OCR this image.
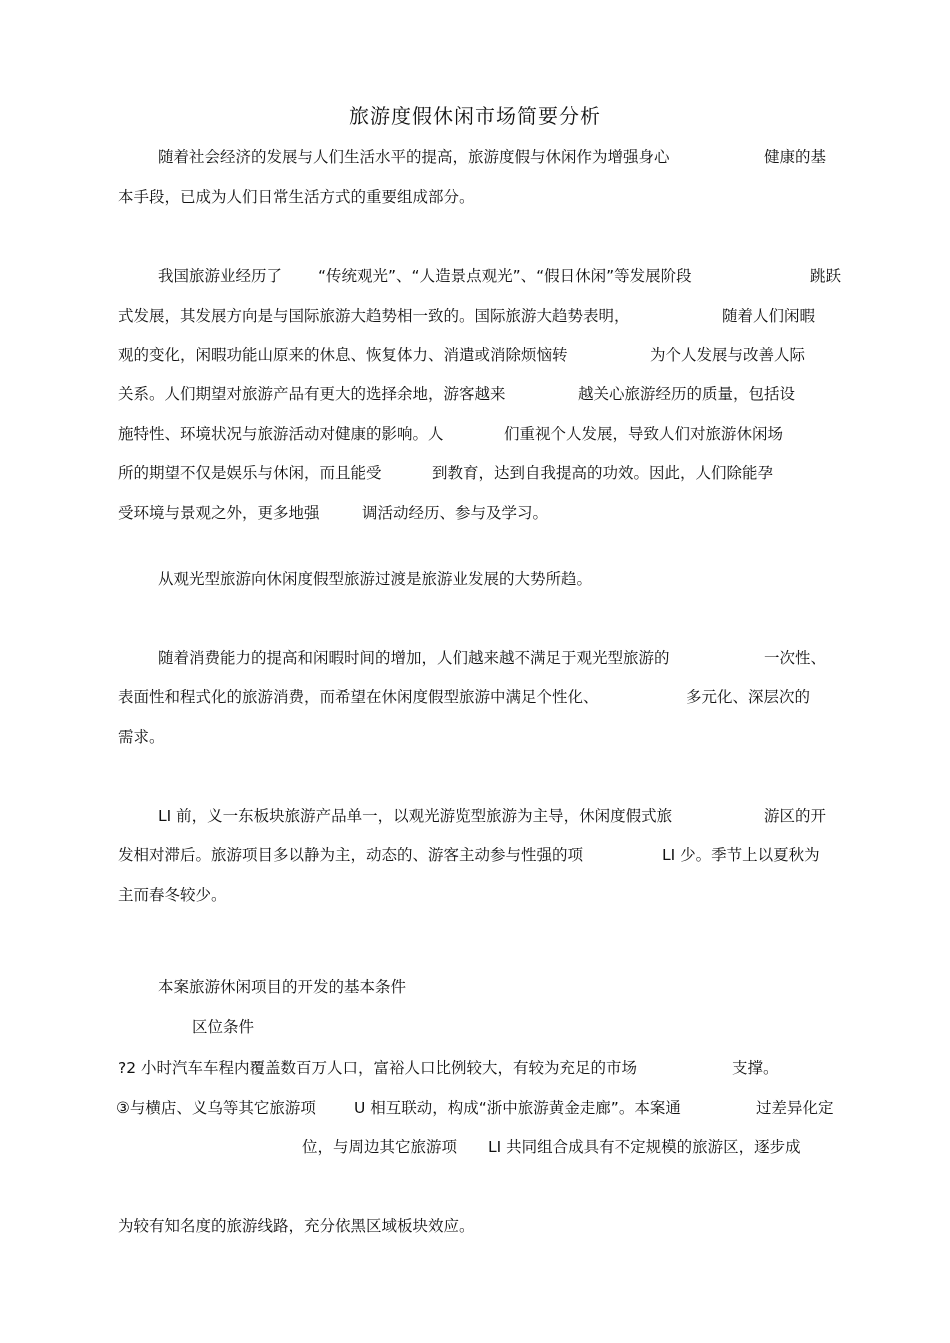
旅游度假休闲市场简要分析
随着社会经济的发展与人们生活水平的提高，旅游度假与休闲作为增强身心	健康的基
本手段，已成为人们日常生活方式的重要组成部分。
我国旅游业经历了 “传统观光”、“人造景点观光”、“假日休闲”等发展阶段	跳跃
式发展，其发展方向是与国际旅游大趋势相一致的。国际旅游大趋势表明，	随着人们闲暇
观的变化，闲暇功能山原来的休息、恢复体力、消遣或消除烦恼转	为个人发展与改善人际
关系。人们期望对旅游产品有更大的选择余地，游客越来	越关心旅游经历的质量，包括设
施特性、环境状况与旅游活动对健康的影响。人	们重视个人发展，导致人们对旅游休闲场
所的期望不仅是娱乐与休闲，而且能受	到教育，达到自我提高的功效。因此，人们除能孕
受环境与景观之外，更多地强	调活动经历、参与及学习。
从观光型旅游向休闲度假型旅游过渡是旅游业发展的大势所趋。
随着消费能力的提高和闲暇时间的增加，人们越来越不满足于观光型旅游的	一次性、
表面性和程式化的旅游消费，而希望在休闲度假型旅游中满足个性化、	多元化、深层次的
需求。
LI 前，义一东板块旅游产品单一，以观光游览型旅游为主导，休闲度假式旅	游区的开
发相对滞后。旅游项目多以静为主，动态的、游客主动参与性强的项	LI 少。季节上以夏秋为
主而春冬较少。
本案旅游休闲项目的开发的基本条件
区位条件
?2 小时汽车车程内覆盖数百万人口，富裕人口比例较大，有较为充足的市场	支撑。
③与横店、义乌等其它旅游项 U 相互联动，构成“浙中旅游黄金走廊”。本案通	过差异化定
位，与周边其它旅游项 LI 共同组合成具有不定规模的旅游区，逐步成
为较有知名度的旅游线路，充分依黑区域板块效应。
